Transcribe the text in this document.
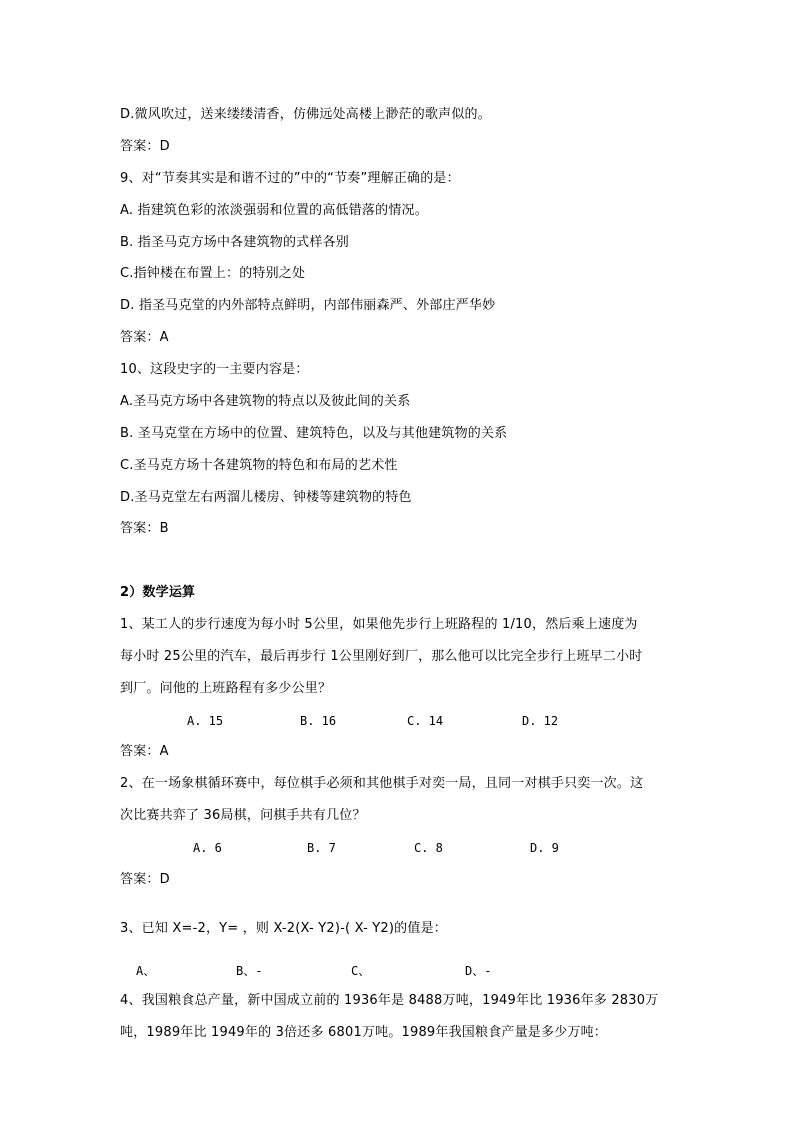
D.微风吹过，送来缕缕清香，仿佛远处高楼上渺茫的歌声似的。
答案：D
9、对“节奏其实是和谐不过的”中的“节奏”理解正确的是：
A. 指建筑色彩的浓淡强弱和位置的高低错落的情况。
B. 指圣马克方场中各建筑物的式样各别
C.指钟楼在布置上：的特别之处
D. 指圣马克堂的内外部特点鲜明，内部伟丽森严、外部庄严华妙
答案：A
10、这段史字的一主要内容是：
A.圣马克方场中各建筑物的特点以及彼此间的关系
B. 圣马克堂在方场中的位置、建筑特色，以及与其他建筑物的关系
C.圣马克方场十各建筑物的特色和布局的艺术性
D.圣马克堂左右两溜儿楼房、钟楼等建筑物的特色
答案：B
2）数学运算
1、某工人的步行速度为每小时 5公里，如果他先步行上班路程的 1/10，然后乘上速度为
每小时 25公里的汽车，最后再步行 1公里刚好到厂，那么他可以比完全步行上班早二小时
到厂。问他的上班路程有多少公里？
A. 15	B. 16	C. 14	D. 12
答案：A
2、在一场象棋循环赛中，每位棋手必须和其他棋手对奕一局，且同一对棋手只奕一次。这
次比赛共弈了 36局棋，问棋手共有几位？
A. 6	B. 7	C. 8	D. 9
答案：D
3、已知 X=-2，Y= ，则 X-2(X- Y2)-( X- Y2)的值是：
A、	B、-	C、	D、-
4、我国粮食总产量，新中国成立前的 1936年是 8488万吨，1949年比 1936年多 2830万
吨，1989年比 1949年的 3倍还多 6801万吨。1989年我国粮食产量是多少万吨：
